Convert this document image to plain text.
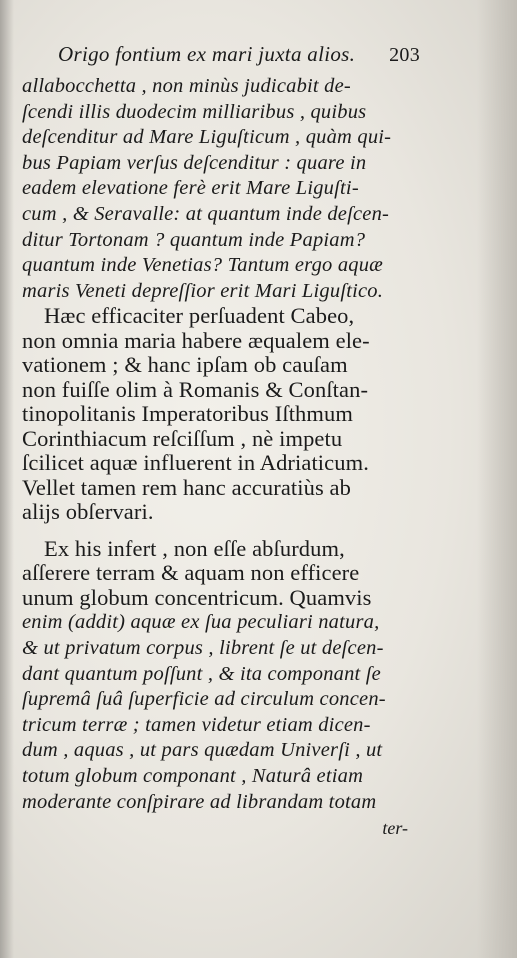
Origo fontium ex mari juxta alios. 203
allabocchetta , non minùs judicabit de-
ſcendi illis duodecim milliaribus , quibus
deſcenditur ad Mare Liguſticum , quàm qui-
bus Papiam verſus deſcenditur : quare in
eadem elevatione ferè erit Mare Liguſti-
cum , & Seravalle: at quantum inde deſcen-
ditur Tortonam ? quantum inde Papiam?
quantum inde Venetias? Tantum ergo aquæ
maris Veneti depreſſior erit Mari Liguſtico.
Hæc efficaciter perſuadent Cabeo,
non omnia maria habere æqualem ele-
vationem ; & hanc ipſam ob cauſam
non fuiſſe olim à Romanis & Conſtan-
tinopolitanis Imperatoribus Iſthmum
Corinthiacum reſciſſum , nè impetu
ſcilicet aquæ influerent in Adriaticum.
Vellet tamen rem hanc accuratiùs ab
alijs obſervari.
Ex his infert , non eſſe abſurdum,
aſſerere terram & aquam non efficere
unum globum concentricum. Quamvis
enim (addit) aquæ ex ſua peculiari natura,
& ut privatum corpus , librent ſe ut deſcen-
dant quantum poſſunt , & ita componant ſe
ſupremâ ſuâ ſuperficie ad circulum concen-
tricum terræ ; tamen videtur etiam dicen-
dum , aquas , ut pars quædam Univerſi , ut
totum globum componant , Naturâ etiam
moderante conſpirare ad librandam totam
ter-
